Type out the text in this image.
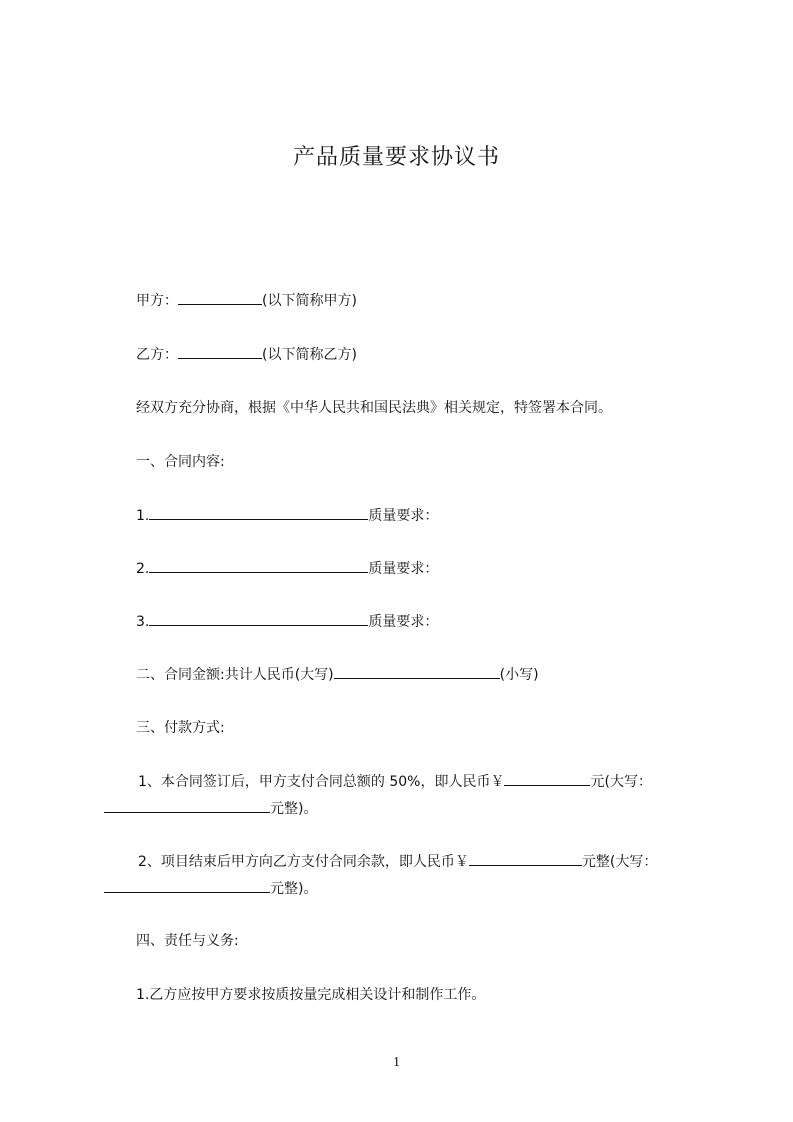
产品质量要求协议书
甲方：	(以下简称甲方)
乙方：	(以下简称乙方)
经双方充分协商，根据《中华人民共和国民法典》相关规定，特签署本合同。
一、合同内容:
1.	质量要求：
2.	质量要求：
3.	质量要求：
二、合同金额:共计人民币(大写)	(小写)
三、付款方式:
1、本合同签订后，甲方支付合同总额的 50%，即人民币￥	元(大写：
元整)。
2、项目结束后甲方向乙方支付合同余款，即人民币￥	元整(大写：
元整)。
四、责任与义务:
1.乙方应按甲方要求按质按量完成相关设计和制作工作。
1
